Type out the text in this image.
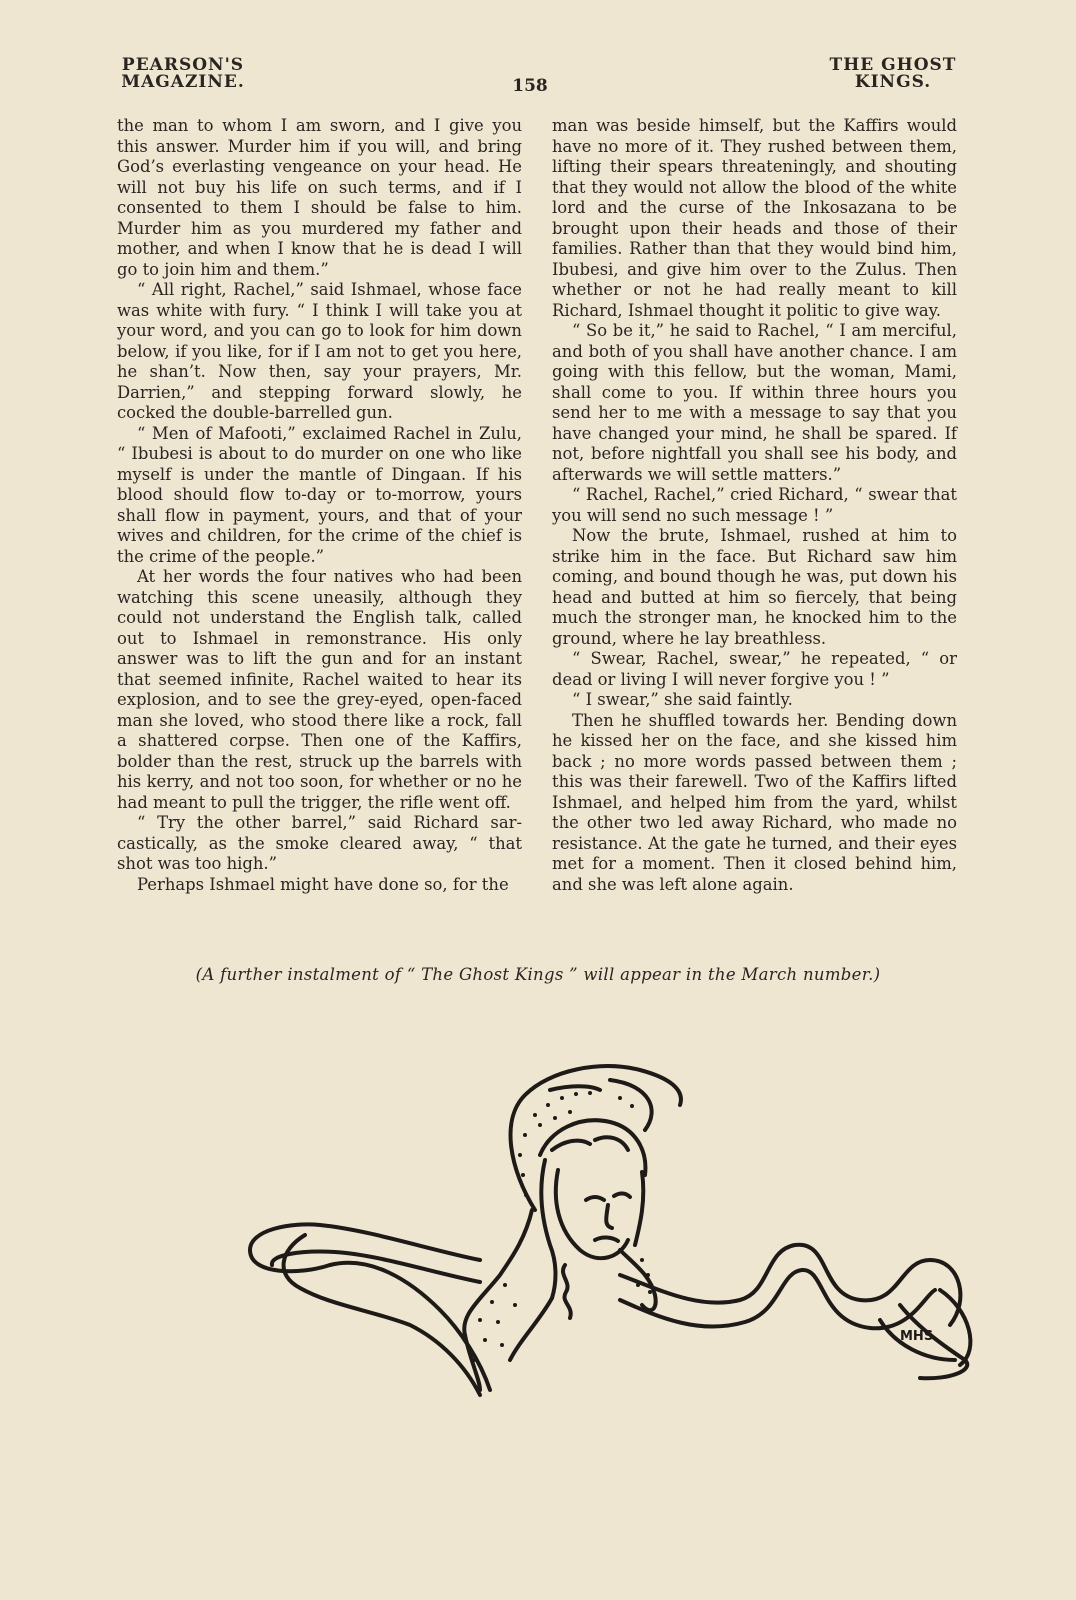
PEARSON'S
MAGAZINE.	158
THE GHOST
KINGS.

the man to whom I am sworn, and I give you this answer. Murder him if you will, and bring God’s everlasting vengeance on your head. He will not buy his life on such terms, and if I consented to them I should be false to him. Murder him as you murdered my father and mother, and when I know that he is dead I will go to join him and them.”

“ All right, Rachel,” said Ishmael, whose face was white with fury. “ I think I will take you at your word, and you can go to look for him down below, if you like, for if I am not to get you here, he shan’t. Now then, say your prayers, Mr. Darrien,” and stepping forward slowly, he cocked the double-barrelled gun.

“ Men of Mafooti,” exclaimed Rachel in Zulu, “ Ibubesi is about to do murder on one who like myself is under the mantle of Dingaan. If his blood should flow to-day or to-morrow, yours shall flow in payment, yours, and that of your wives and children, for the crime of the chief is the crime of the people.”

At her words the four natives who had been watching this scene uneasily, although they could not understand the English talk, called out to Ishmael in remonstrance. His only answer was to lift the gun and for an instant that seemed infinite, Rachel waited to hear its explosion, and to see the grey-eyed, open-faced man she loved, who stood there like a rock, fall a shattered corpse. Then one of the Kaffirs, bolder than the rest, struck up the barrels with his kerry, and not too soon, for whether or no he had meant to pull the trigger, the rifle went off.

“ Try the other barrel,” said Richard sarcastically, as the smoke cleared away, “ that shot was too high.”

Perhaps Ishmael might have done so, for the

man was beside himself, but the Kaffirs would have no more of it. They rushed between them, lifting their spears threateningly, and shouting that they would not allow the blood of the white lord and the curse of the Inkosazana to be brought upon their heads and those of their families. Rather than that they would bind him, Ibubesi, and give him over to the Zulus. Then whether or not he had really meant to kill Richard, Ishmael thought it politic to give way.

“ So be it,” he said to Rachel, “ I am merciful, and both of you shall have another chance. I am going with this fellow, but the woman, Mami, shall come to you. If within three hours you send her to me with a message to say that you have changed your mind, he shall be spared. If not, before nightfall you shall see his body, and afterwards we will settle matters.”

“ Rachel, Rachel,” cried Richard, “ swear that you will send no such message ! ”

Now the brute, Ishmael, rushed at him to strike him in the face. But Richard saw him coming, and bound though he was, put down his head and butted at him so fiercely, that being much the stronger man, he knocked him to the ground, where he lay breathless.

“ Swear, Rachel, swear,” he repeated, “ or dead or living I will never forgive you ! ”

“ I swear,” she said faintly.

Then he shuffled towards her. Bending down he kissed her on the face, and she kissed him back ; no more words passed between them ; this was their farewell. Two of the Kaffirs lifted Ishmael, and helped him from the yard, whilst the other two led away Richard, who made no resistance. At the gate he turned, and their eyes met for a moment. Then it closed behind him, and she was left alone again.

(A further instalment of “ The Ghost Kings ” will appear in the March number.)
MHS.
